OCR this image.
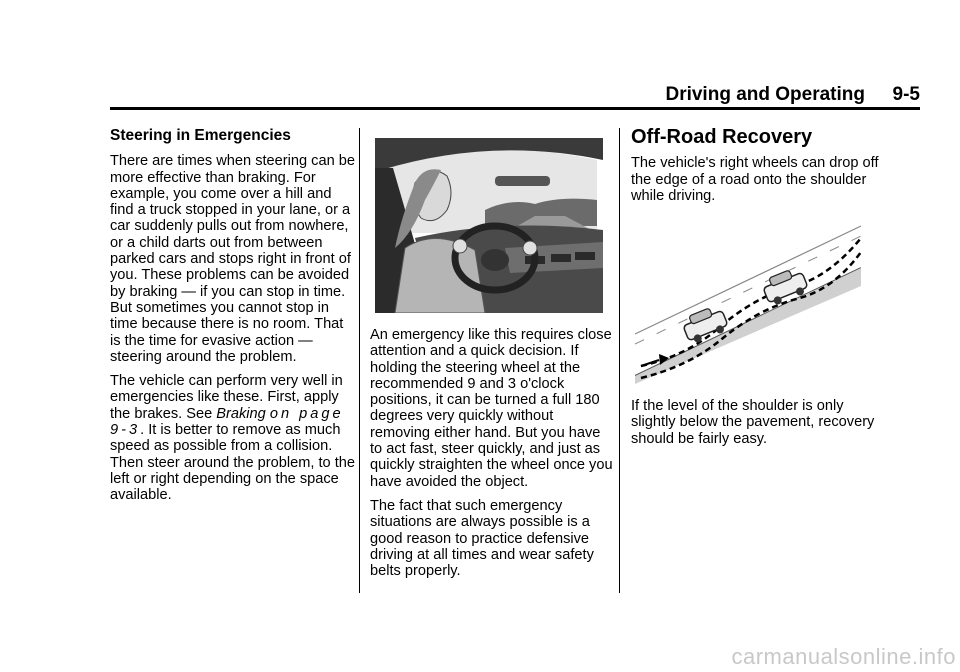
Driving and Operating 9-5
Steering in Emergencies

There are times when steering can be more effective than braking. For example, you come over a hill and find a truck stopped in your lane, or a car suddenly pulls out from nowhere, or a child darts out from between parked cars and stops right in front of you. These problems can be avoided by braking — if you can stop in time. But sometimes you cannot stop in time because there is no room. That is the time for evasive action — steering around the problem.

The vehicle can perform very well in emergencies like these. First, apply the brakes. See Braking on page 9-3. It is better to remove as much speed as possible from a collision. Then steer around the problem, to the left or right depending on the space available.

An emergency like this requires close attention and a quick decision. If holding the steering wheel at the recommended 9 and 3 o'clock positions, it can be turned a full 180 degrees very quickly without removing either hand. But you have to act fast, steer quickly, and just as quickly straighten the wheel once you have avoided the object.

The fact that such emergency situations are always possible is a good reason to practice defensive driving at all times and wear safety belts properly.

Off-Road Recovery

The vehicle's right wheels can drop off the edge of a road onto the shoulder while driving.

If the level of the shoulder is only slightly below the pavement, recovery should be fairly easy.

carmanualsonline.info
